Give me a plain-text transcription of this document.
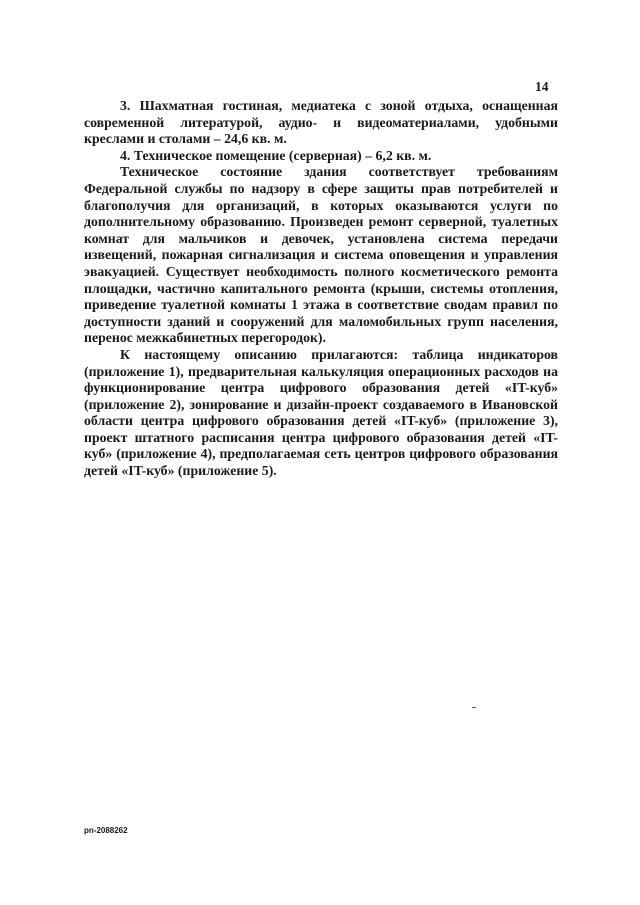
14

3. Шахматная гостиная, медиатека с зоной отдыха, оснащенная современной литературой, аудио- и видеоматериалами, удобными креслами и столами – 24,6 кв. м.

4. Техническое помещение (серверная) – 6,2 кв. м.

Техническое состояние здания соответствует требованиям Федеральной службы по надзору в сфере защиты прав потребителей и благополучия для организаций, в которых оказываются услуги по дополнительному образованию. Произведен ремонт серверной, туалетных комнат для мальчиков и девочек, установлена система передачи извещений, пожарная сигнализация и система оповещения и управления эвакуацией. Существует необходимость полного косметического ремонта площадки, частично капитального ремонта (крыши, системы отопления, приведение туалетной комнаты 1 этажа в соответствие сводам правил по доступности зданий и сооружений для маломобильных групп населения, перенос межкабинетных перегородок).

К настоящему описанию прилагаются: таблица индикаторов (приложение 1), предварительная калькуляция операционных расходов на функционирование центра цифрового образования детей «IT-куб» (приложение 2), зонирование и дизайн-проект создаваемого в Ивановской области центра цифрового образования детей «IT-куб» (приложение 3), проект штатного расписания центра цифрового образования детей «IT-куб» (приложение 4), предполагаемая сеть центров цифрового образования детей «IT-куб» (приложение 5).

pn-2088262
